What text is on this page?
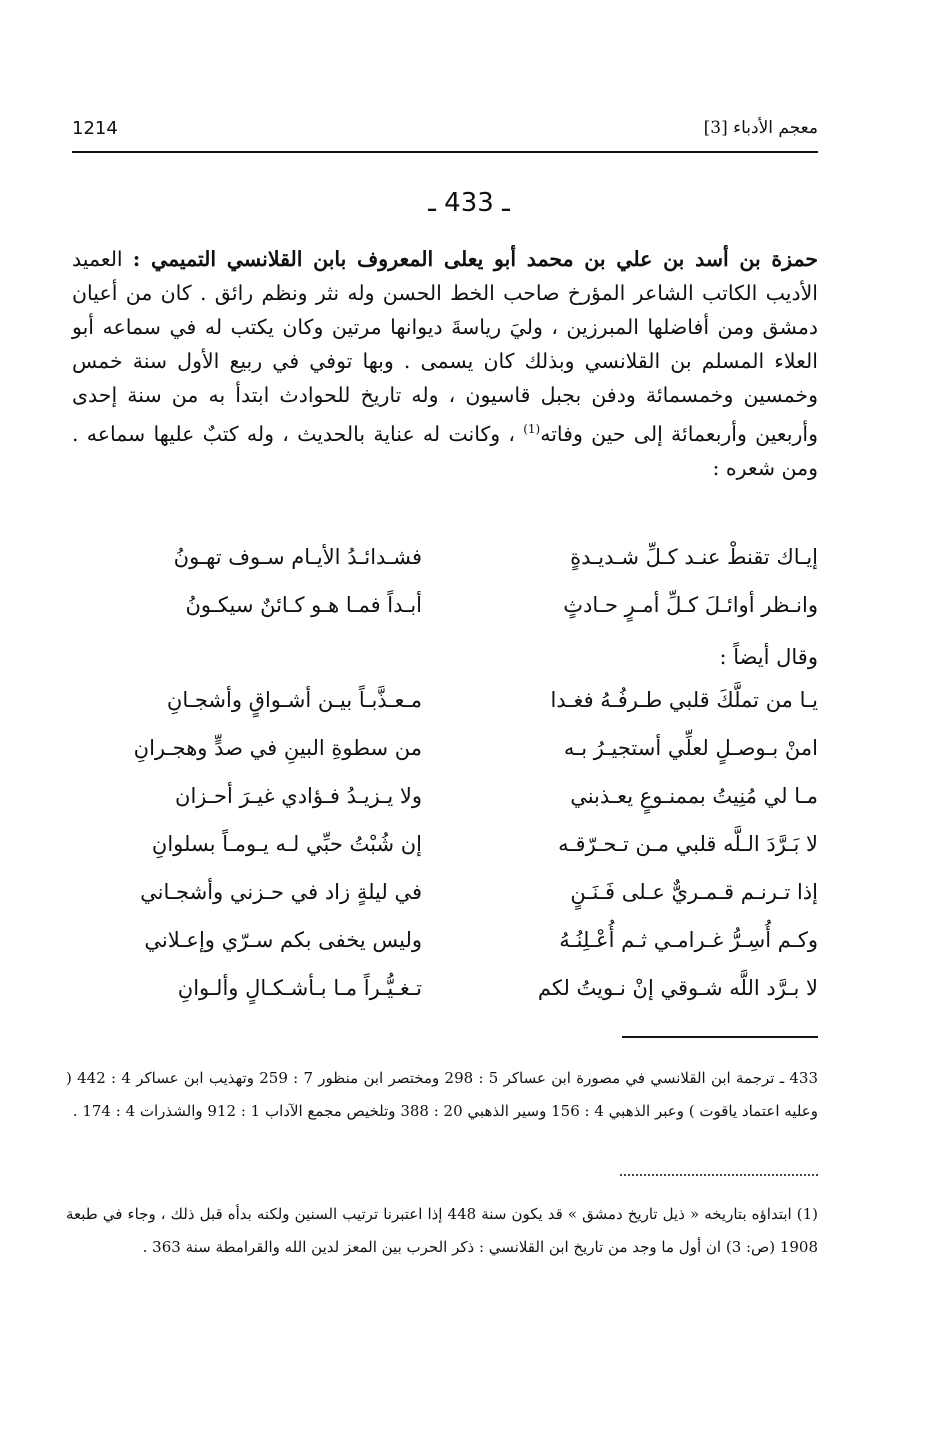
1214	معجم الأدباء [3]
ـ 433 ـ

حمزة بن أسد بن علي بن محمد أبو يعلى المعروف بابن القلانسي التميمي : العميد الأديب الكاتب الشاعر المؤرخ صاحب الخط الحسن وله نثر ونظم رائق . كان من أعيان دمشق ومن أفاضلها المبرزين ، وليَ رياسةَ ديوانها مرتين وكان يكتب له في سماعه أبو العلاء المسلم بن القلانسي وبذلك كان يسمى . وبها توفي في ربيع الأول سنة خمس وخمسين وخمسمائة ودفن بجبل قاسيون ، وله تاريخ للحوادث ابتدأ به من سنة إحدى وأربعين وأربعمائة إلى حين وفاته$^{(1)}$ ، وكانت له عناية بالحديث ، وله كتبٌ عليها سماعه . ومن شعره :

إيـاك تقنطْ عنـد كـلِّ شـديـدةٍ
فشـدائـدُ الأيـام سـوف تهـونُ
وانـظر أوائـلَ كـلِّ أمـرٍ حـادثٍ
أبـداً فمـا هـو كـائنٌ سيكـونُ
وقال أيضاً :
يـا من تملَّكَ قلبي طـرفُـهُ فغـدا
مـعـذَّبـاً بيـن أشـواقٍ وأشجـانِ
امنْ بـوصـلٍ لعلِّي أستجيـرُ بـه
من سطوةِ البينِ في صدٍّ وهجـرانِ
مـا لي مُنِيتُ بممنـوعٍ يعـذبني
ولا يـزيـدُ فـؤادي غيـرَ أحـزان
لا بَـرَّدَ الـلَّه قلبي مـن تـحـرّقـه
إن شُبْتُ حبِّي لـه يـومـاً بسلوانِ
إذا تـرنـم قـمـريٌّ عـلى فَـنَـنٍ
في ليلةٍ زاد في حـزني وأشجـاني
وكـم أُسِـرُّ غـرامـي ثـم أُعْـلِنُـهُ
وليس يخفى بكم سـرّي وإعـلاني
لا بـرَّد اللَّه شـوقي إنْ نـويتُ لكم
تـغـيُّـراً مـا بـأشـكـالٍ وألـوانِ
433 ـ ترجمة ابن القلانسي في مصورة ابن عساكر 5 : 298 ومختصر ابن منظور 7 : 259 وتهذيب ابن عساكر 4 : 442 ( وعليه اعتماد ياقوت ) وعبر الذهبي 4 : 156 وسير الذهبي 20 : 388 وتلخيص مجمع الآداب 1 : 912 والشذرات 4 : 174 .
(1) ابتداؤه بتاريخه « ذيل تاريخ دمشق » قد يكون سنة 448 إذا اعتبرنا ترتيب السنين ولكنه بدأه قبل ذلك ، وجاء في طبعة 1908 (ص: 3) ان أول ما وجد من تاريخ ابن القلانسي : ذكر الحرب بين المعز لدين الله والقرامطة سنة 363 .
